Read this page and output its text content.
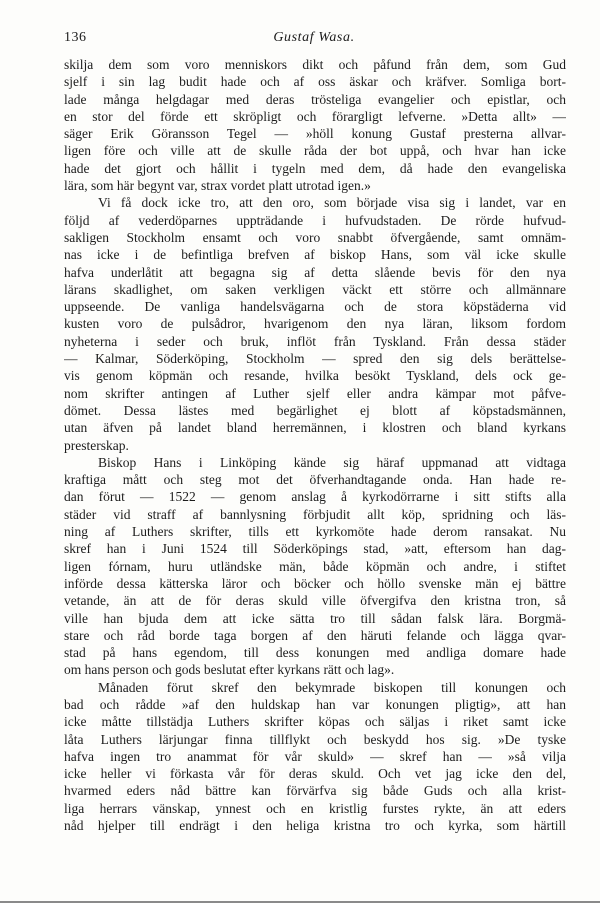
136	Gustaf Wasa.
skilja dem som voro menniskors dikt och påfund från dem, som Gud
sjelf i sin lag budit hade och af oss äskar och kräfver. Somliga bort-
lade många helgdagar med deras trösteliga evangelier och epistlar, och
en stor del förde ett skröpligt och förargligt lefverne. »Detta allt» —
säger Erik Göransson Tegel — »höll konung Gustaf presterna allvar-
ligen före och ville att de skulle råda der bot uppå, och hvar han icke
hade det gjort och hållit i tygeln med dem, då hade den evangeliska
lära, som här begynt var, strax vordet platt utrotad igen.»
Vi få dock icke tro, att den oro, som började visa sig i landet, var en
följd af vederdöparnes uppträdande i hufvudstaden. De rörde hufvud-
sakligen Stockholm ensamt och voro snabbt öfvergående, samt omnäm-
nas icke i de befintliga brefven af biskop Hans, som väl icke skulle
hafva underlåtit att begagna sig af detta slående bevis för den nya
lärans skadlighet, om saken verkligen väckt ett större och allmännare
uppseende. De vanliga handelsvägarna och de stora köpstäderna vid
kusten voro de pulsådror, hvarigenom den nya läran, liksom fordom
nyheterna i seder och bruk, inflöt från Tyskland. Från dessa städer
— Kalmar, Söderköping, Stockholm — spred den sig dels berättelse-
vis genom köpmän och resande, hvilka besökt Tyskland, dels ock ge-
nom skrifter antingen af Luther sjelf eller andra kämpar mot påfve-
dömet. Dessa lästes med begärlighet ej blott af köpstadsmännen,
utan äfven på landet bland herremännen, i klostren och bland kyrkans
presterskap.
Biskop Hans i Linköping kände sig häraf uppmanad att vidtaga
kraftiga mått och steg mot det öfverhandtagande onda. Han hade re-
dan förut — 1522 — genom anslag å kyrkodörrarne i sitt stifts alla
städer vid straff af bannlysning förbjudit allt köp, spridning och läs-
ning af Luthers skrifter, tills ett kyrkomöte hade derom ransakat. Nu
skref han i Juni 1524 till Söderköpings stad, »att, eftersom han dag-
ligen fórnam, huru utländske män, både köpmän och andre, i stiftet
införde dessa kätterska läror och böcker och höllo svenske män ej bättre
vetande, än att de för deras skuld ville öfvergifva den kristna tron, så
ville han bjuda dem att icke sätta tro till sådan falsk lära. Borgmä-
stare och råd borde taga borgen af den häruti felande och lägga qvar-
stad på hans egendom, till dess konungen med andliga domare hade
om hans person och gods beslutat efter kyrkans rätt och lag».
Månaden förut skref den bekymrade biskopen till konungen och
bad och rådde »af den huldskap han var konungen pligtig», att han
icke måtte tillstädja Luthers skrifter köpas och säljas i riket samt icke
låta Luthers lärjungar finna tillflykt och beskydd hos sig. »De tyske
hafva ingen tro anammat för vår skuld» — skref han — »så vilja
icke heller vi förkasta vår för deras skuld. Och vet jag icke den del,
hvarmed eders nåd bättre kan förvärfva sig både Guds och alla krist-
liga herrars vänskap, ynnest och en kristlig furstes rykte, än att eders
nåd hjelper till endrägt i den heliga kristna tro och kyrka, som härtill
